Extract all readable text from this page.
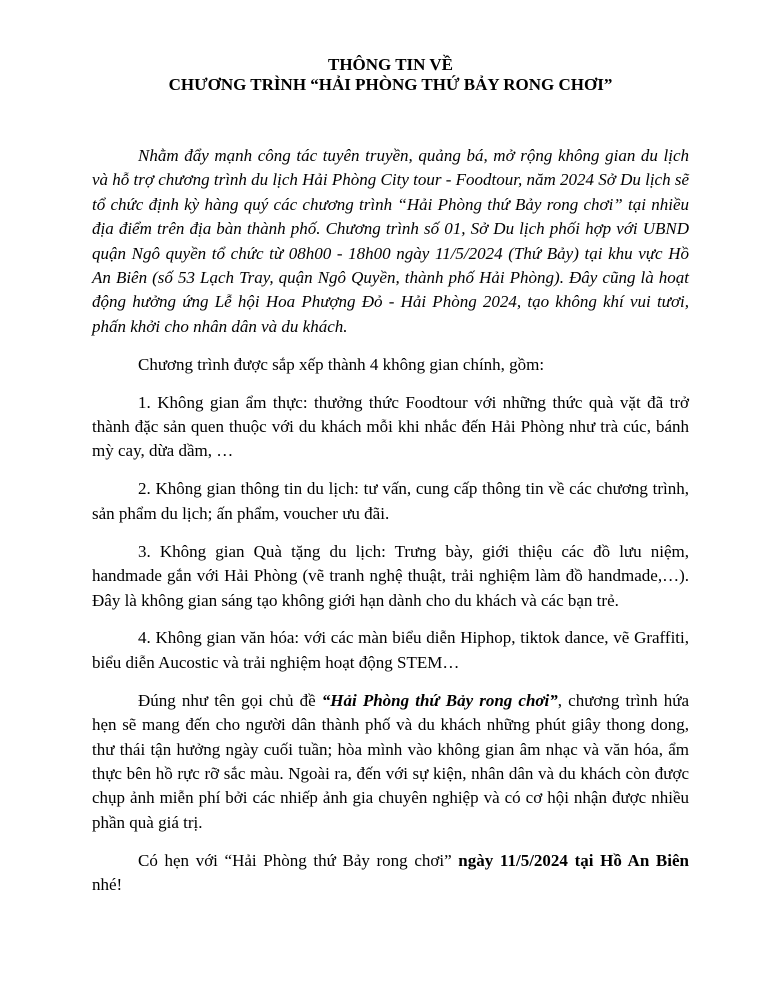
THÔNG TIN VỀ
CHƯƠNG TRÌNH “HẢI PHÒNG THỨ BẢY RONG CHƠI”

Nhằm đẩy mạnh công tác tuyên truyền, quảng bá, mở rộng không gian du lịch và hỗ trợ chương trình du lịch Hải Phòng City tour - Foodtour, năm 2024 Sở Du lịch sẽ tổ chức định kỳ hàng quý các chương trình “Hải Phòng thứ Bảy rong chơi” tại nhiều địa điểm trên địa bàn thành phố. Chương trình số 01, Sở Du lịch phối hợp với UBND quận Ngô quyền tổ chức từ 08h00 - 18h00 ngày 11/5/2024 (Thứ Bảy) tại khu vực Hồ An Biên (số 53 Lạch Tray, quận Ngô Quyền, thành phố Hải Phòng). Đây cũng là hoạt động hưởng ứng Lễ hội Hoa Phượng Đỏ - Hải Phòng 2024, tạo không khí vui tươi, phấn khởi cho nhân dân và du khách.

Chương trình được sắp xếp thành 4 không gian chính, gồm:

1. Không gian ẩm thực: thưởng thức Foodtour với những thức quà vặt đã trở thành đặc sản quen thuộc với du khách mỗi khi nhắc đến Hải Phòng như trà cúc, bánh mỳ cay, dừa dầm, …

2. Không gian thông tin du lịch: tư vấn, cung cấp thông tin về các chương trình, sản phẩm du lịch; ấn phẩm, voucher ưu đãi.

3. Không gian Quà tặng du lịch: Trưng bày, giới thiệu các đồ lưu niệm, handmade gắn với Hải Phòng (vẽ tranh nghệ thuật, trải nghiệm làm đồ handmade,…). Đây là không gian sáng tạo không giới hạn dành cho du khách và các bạn trẻ.

4. Không gian văn hóa: với các màn biểu diễn Hiphop, tiktok dance, vẽ Graffiti, biểu diễn Aucostic và trải nghiệm hoạt động STEM…

Đúng như tên gọi chủ đề “Hải Phòng thứ Bảy rong chơi”, chương trình hứa hẹn sẽ mang đến cho người dân thành phố và du khách những phút giây thong dong, thư thái tận hưởng ngày cuối tuần; hòa mình vào không gian âm nhạc và văn hóa, ẩm thực bên hồ rực rỡ sắc màu. Ngoài ra, đến với sự kiện, nhân dân và du khách còn được chụp ảnh miễn phí bởi các nhiếp ảnh gia chuyên nghiệp và có cơ hội nhận được nhiều phần quà giá trị.

Có hẹn với “Hải Phòng thứ Bảy rong chơi” ngày 11/5/2024 tại Hồ An Biên nhé!
